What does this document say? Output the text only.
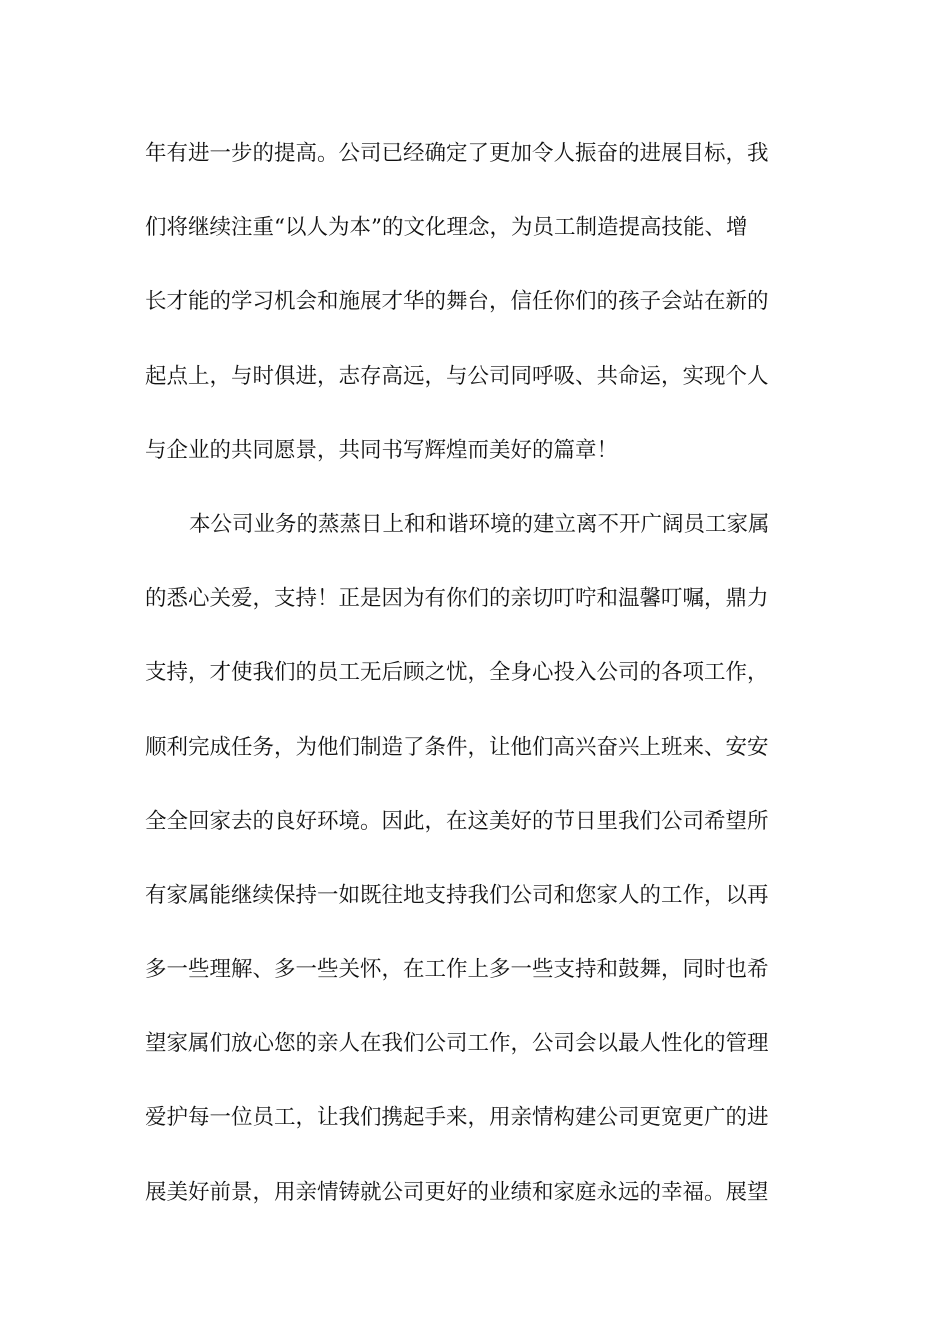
年有进一步的提高。公司已经确定了更加令人振奋的进展目标，我
们将继续注重“以人为本”的文化理念，为员工制造提高技能、增
长才能的学习机会和施展才华的舞台，信任你们的孩子会站在新的
起点上，与时俱进，志存高远，与公司同呼吸、共命运，实现个人
与企业的共同愿景，共同书写辉煌而美好的篇章！
本公司业务的蒸蒸日上和和谐环境的建立离不开广阔员工家属
的悉心关爱，支持！正是因为有你们的亲切叮咛和温馨叮嘱，鼎力
支持，才使我们的员工无后顾之忧，全身心投入公司的各项工作，
顺利完成任务，为他们制造了条件，让他们高兴奋兴上班来、安安
全全回家去的良好环境。因此，在这美好的节日里我们公司希望所
有家属能继续保持一如既往地支持我们公司和您家人的工作，以再
多一些理解、多一些关怀，在工作上多一些支持和鼓舞，同时也希
望家属们放心您的亲人在我们公司工作，公司会以最人性化的管理
爱护每一位员工，让我们携起手来，用亲情构建公司更宽更广的进
展美好前景，用亲情铸就公司更好的业绩和家庭永远的幸福。展望
